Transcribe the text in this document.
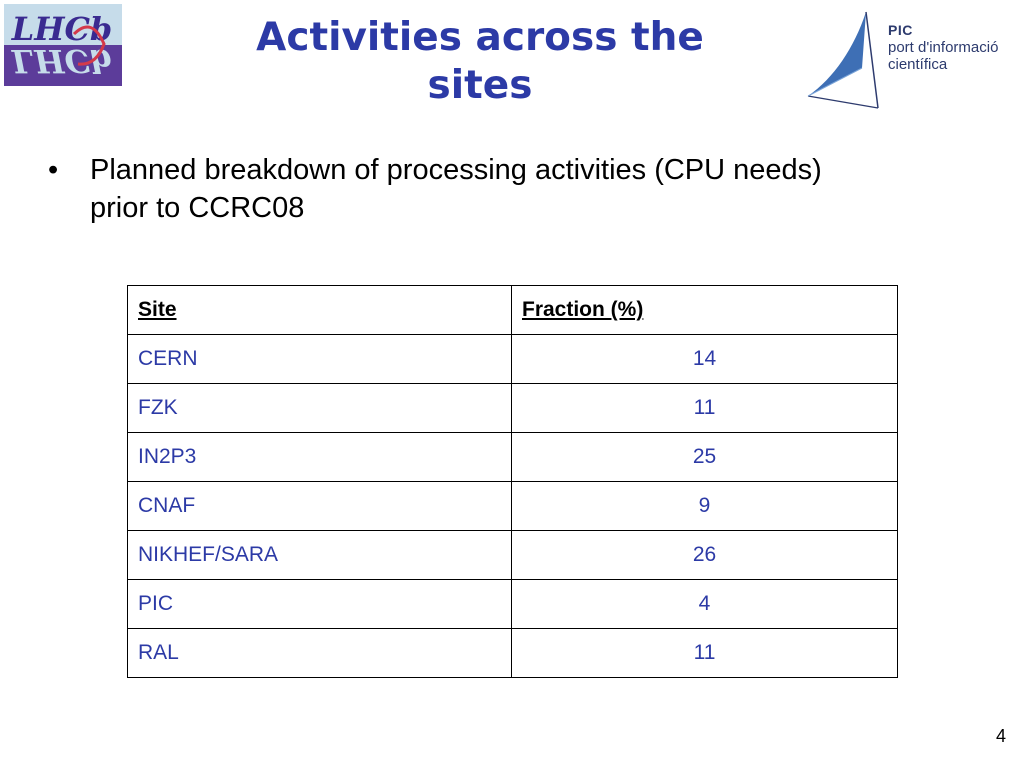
LHCb
LHCb
PIC
port d'informació
científica
Activities across the
sites
•	Planned breakdown of processing activities (CPU needs)
prior to CCRC08
Site	Fraction (%)
CERN	14
FZK	11
IN2P3	25
CNAF	9
NIKHEF/SARA	26
PIC	4
RAL	11
4
